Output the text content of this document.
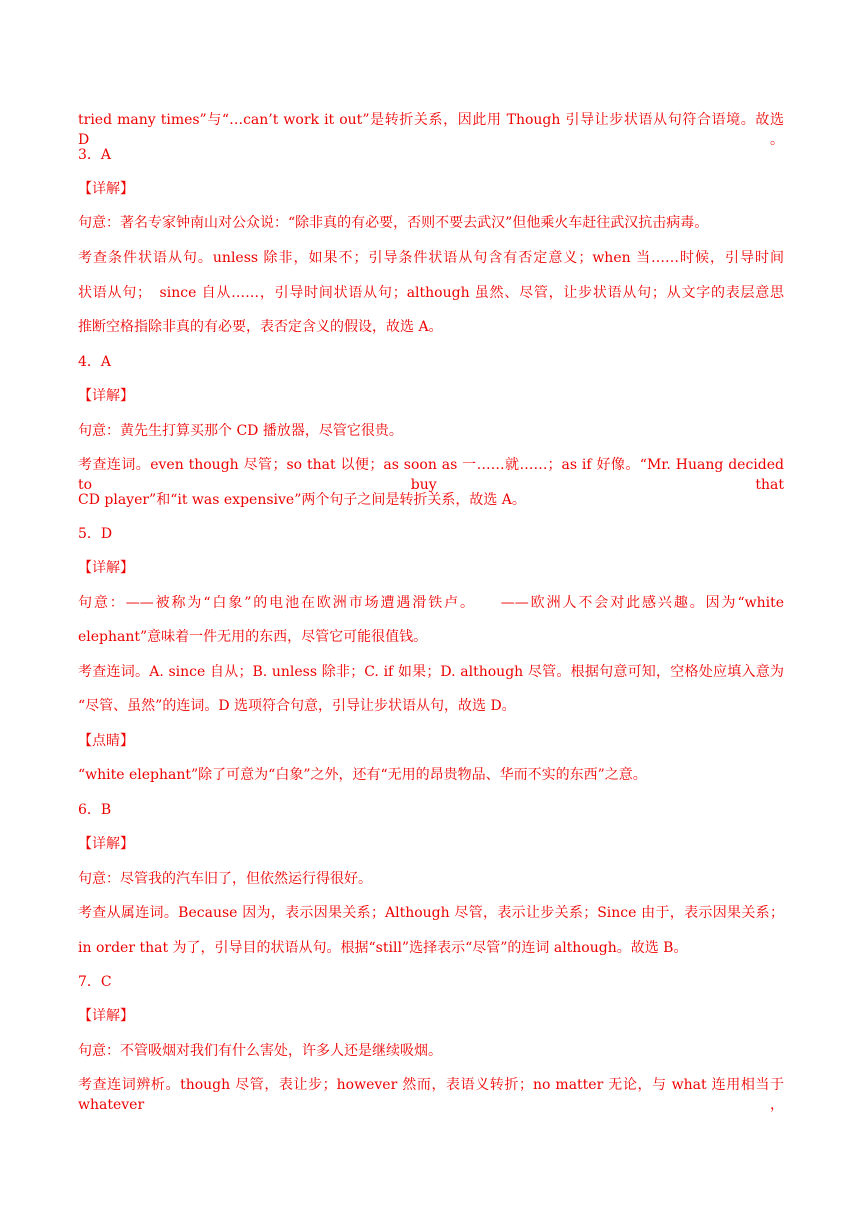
tried many times”与“…can’t work it out”是转折关系，因此用 Though 引导让步状语从句符合语境。故选 D。
3．A
【详解】
句意：著名专家钟南山对公众说：“除非真的有必要，否则不要去武汉”但他乘火车赶往武汉抗击病毒。
考查条件状语从句。unless 除非，如果不；引导条件状语从句含有否定意义；when 当……时候，引导时间
状语从句；　since 自从……，引导时间状语从句；although 虽然、尽管，让步状语从句；从文字的表层意思
推断空格指除非真的有必要，表否定含义的假设，故选 A。
4．A
【详解】
句意：黄先生打算买那个 CD 播放器，尽管它很贵。
考查连词。even though 尽管；so that 以便；as soon as 一……就……；as if 好像。“Mr. Huang decided to buy that
CD player”和“it was expensive”两个句子之间是转折关系，故选 A。
5．D
【详解】
句意：——被称为“白象”的电池在欧洲市场遭遇滑铁卢。　　——欧洲人不会对此感兴趣。因为“white
elephant”意味着一件无用的东西，尽管它可能很值钱。
考查连词。A. since 自从；B. unless 除非；C. if 如果；D. although 尽管。根据句意可知，空格处应填入意为
“尽管、虽然”的连词。D 选项符合句意，引导让步状语从句，故选 D。
【点睛】
“white elephant”除了可意为“白象”之外，还有“无用的昂贵物品、华而不实的东西”之意。
6．B
【详解】
句意：尽管我的汽车旧了，但依然运行得很好。
考查从属连词。Because 因为，表示因果关系；Although 尽管，表示让步关系；Since 由于，表示因果关系；
in order that 为了，引导目的状语从句。根据“still”选择表示“尽管”的连词 although。故选 B。
7．C
【详解】
句意：不管吸烟对我们有什么害处，许多人还是继续吸烟。
考查连词辨析。though 尽管，表让步；however 然而，表语义转折；no matter 无论，与 what 连用相当于 whatever，
